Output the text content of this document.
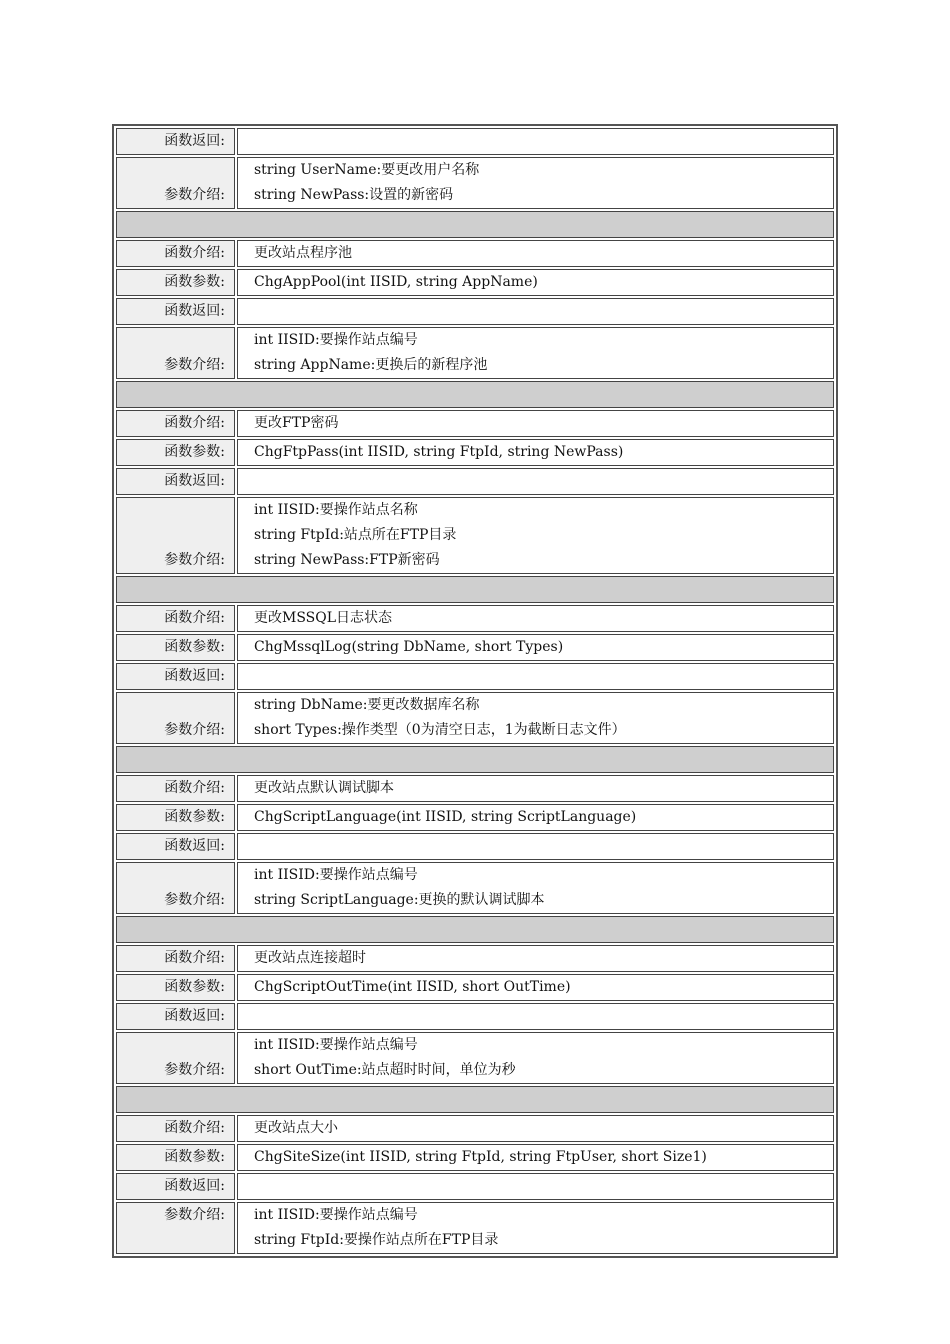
函数返回:	
参数介绍:	string UserName:要更改用户名称
string NewPass:设置的新密码

函数介绍:	更改站点程序池
函数参数:	ChgAppPool(int IISID, string AppName)
函数返回:	
参数介绍:	int IISID:要操作站点编号
string AppName:更换后的新程序池

函数介绍:	更改FTP密码
函数参数:	ChgFtpPass(int IISID, string FtpId, string NewPass)
函数返回:	
参数介绍:	int IISID:要操作站点名称
string FtpId:站点所在FTP目录
string NewPass:FTP新密码

函数介绍:	更改MSSQL日志状态
函数参数:	ChgMssqlLog(string DbName, short Types)
函数返回:	
参数介绍:	string DbName:要更改数据库名称
short Types:操作类型（0为清空日志，1为截断日志文件）

函数介绍:	更改站点默认调试脚本
函数参数:	ChgScriptLanguage(int IISID, string ScriptLanguage)
函数返回:	
参数介绍:	int IISID:要操作站点编号
string ScriptLanguage:更换的默认调试脚本

函数介绍:	更改站点连接超时
函数参数:	ChgScriptOutTime(int IISID, short OutTime)
函数返回:	
参数介绍:	int IISID:要操作站点编号
short OutTime:站点超时时间，单位为秒

函数介绍:	更改站点大小
函数参数:	ChgSiteSize(int IISID, string FtpId, string FtpUser, short Size1)
函数返回:	
参数介绍:	int IISID:要操作站点编号
string FtpId:要操作站点所在FTP目录
